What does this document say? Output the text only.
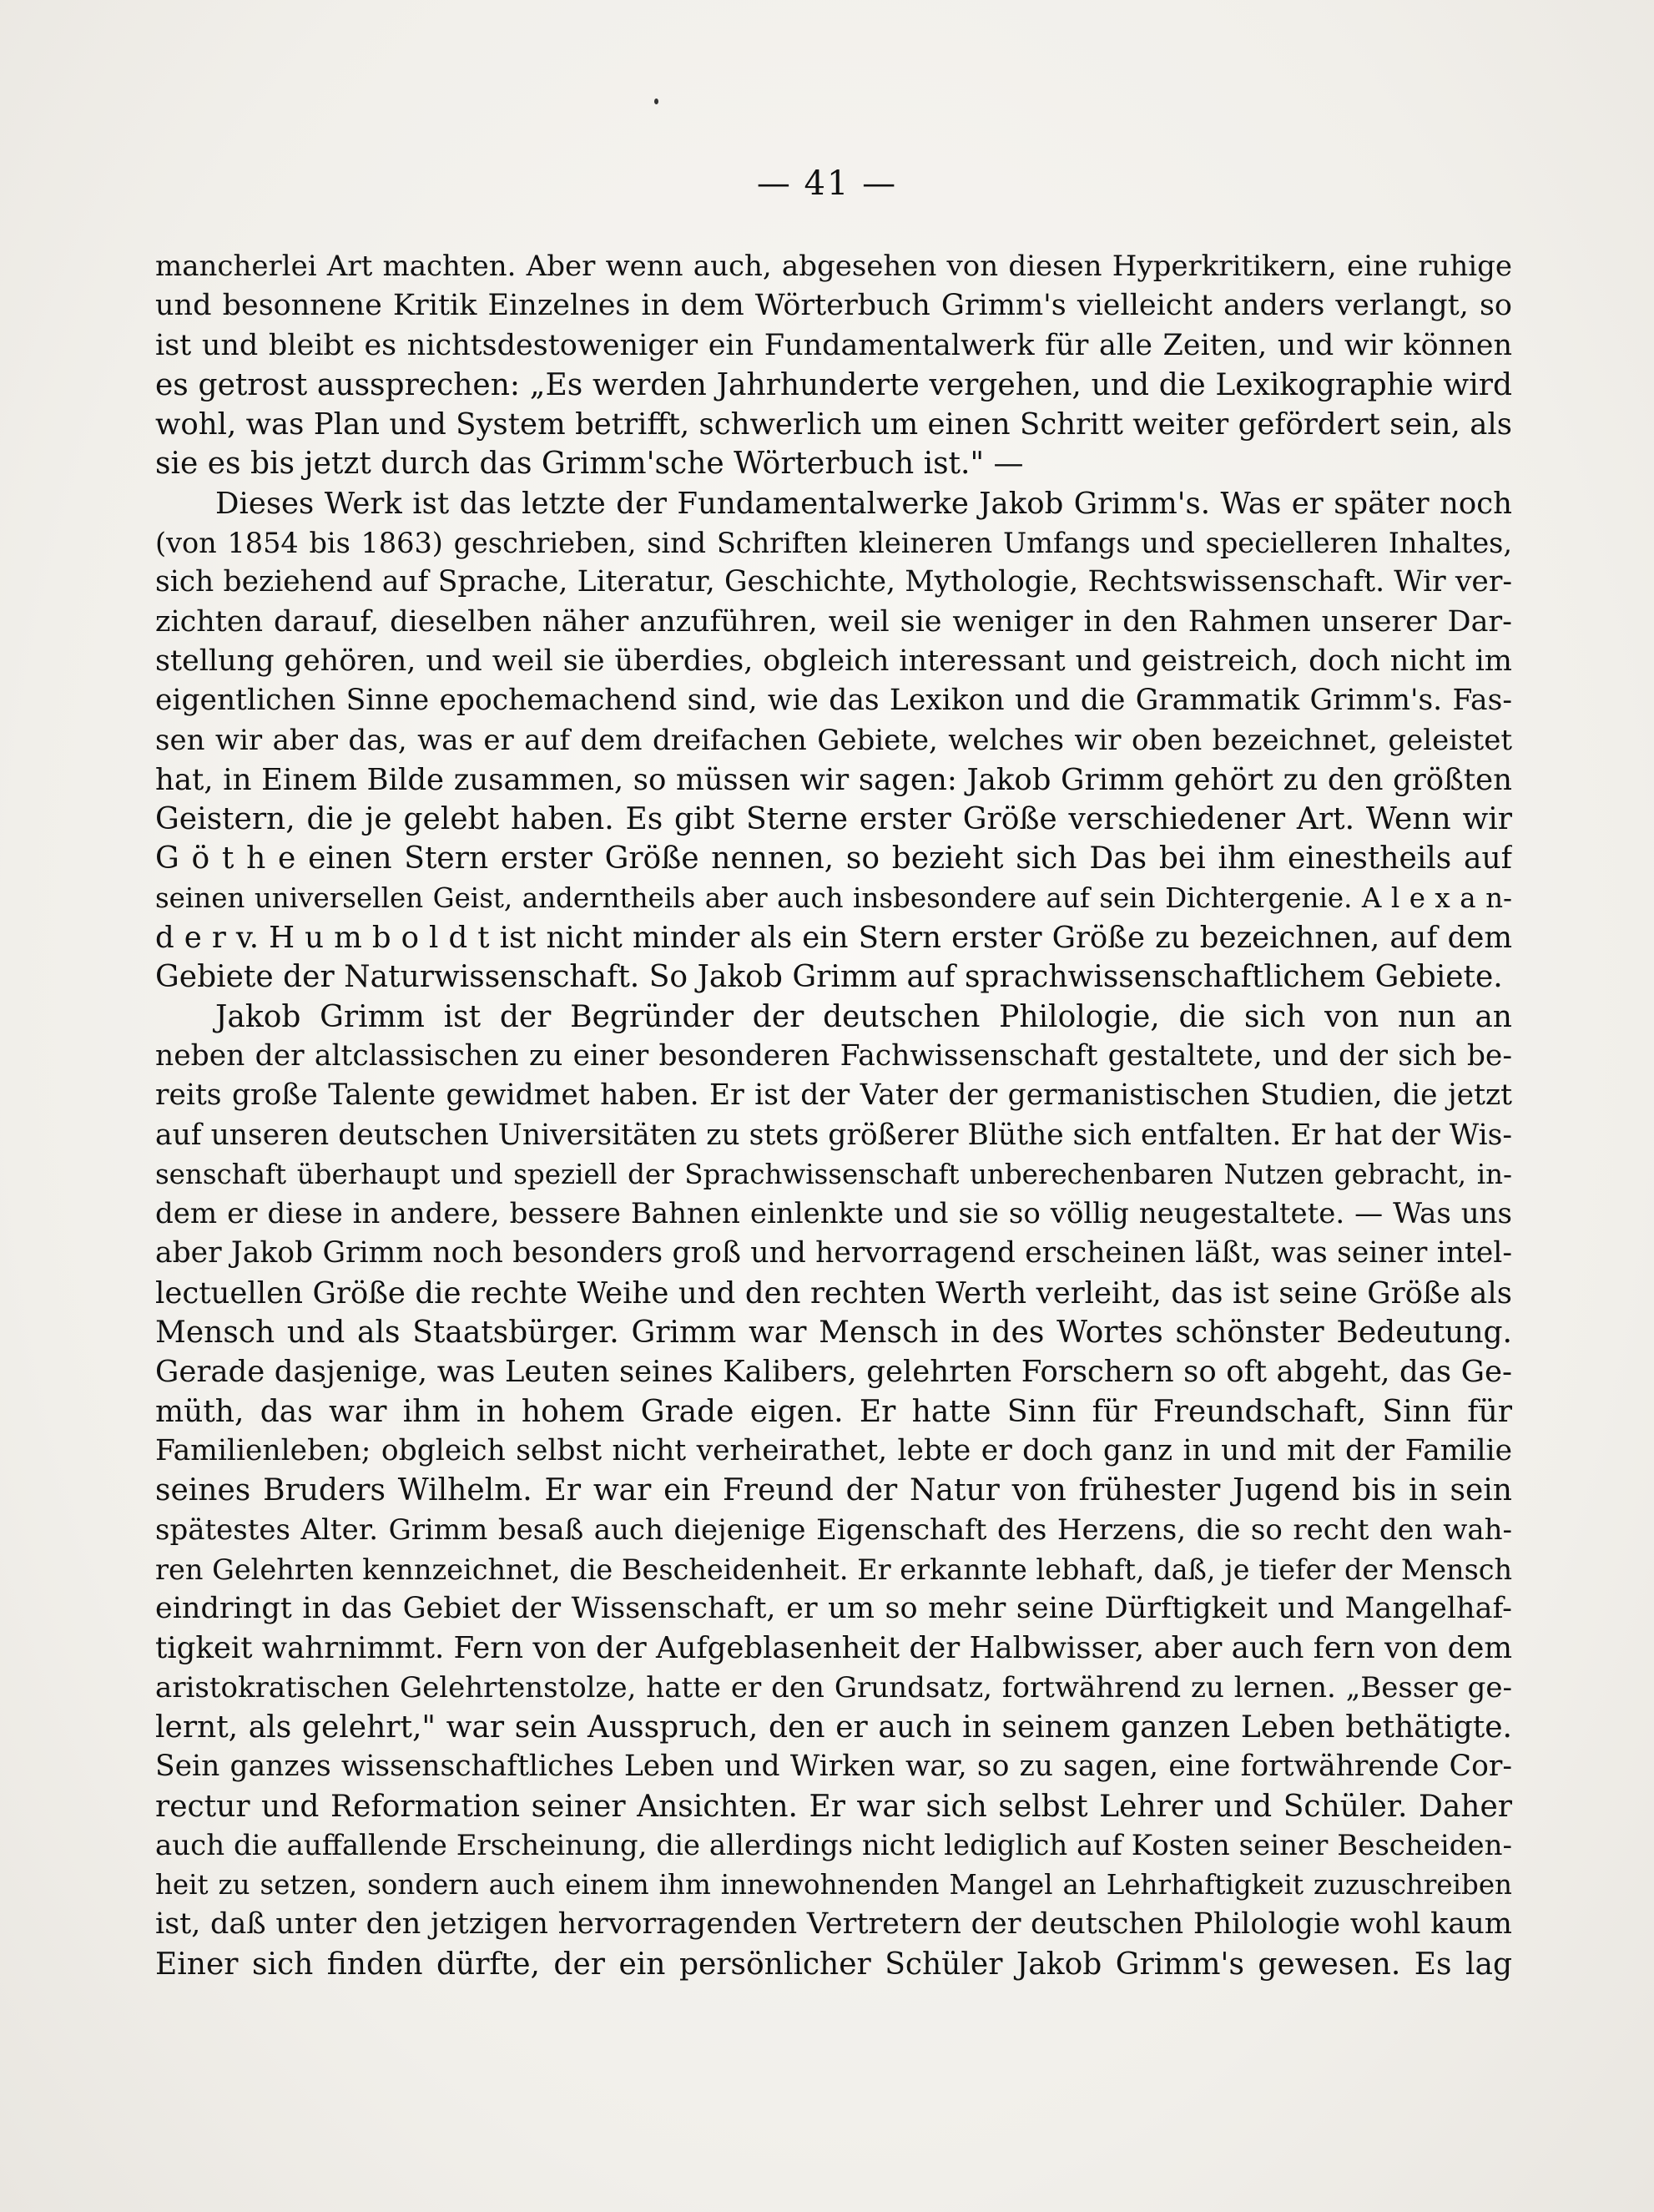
— 41 —
mancherlei Art machten. Aber wenn auch, abgesehen von diesen Hyperkritikern, eine ruhige
und besonnene Kritik Einzelnes in dem Wörterbuch Grimm's vielleicht anders verlangt, so
ist und bleibt es nichtsdestoweniger ein Fundamentalwerk für alle Zeiten, und wir können
es getrost aussprechen: „Es werden Jahrhunderte vergehen, und die Lexikographie wird
wohl, was Plan und System betrifft, schwerlich um einen Schritt weiter gefördert sein, als
sie es bis jetzt durch das Grimm'sche Wörterbuch ist." —
Dieses Werk ist das letzte der Fundamentalwerke Jakob Grimm's. Was er später noch
(von 1854 bis 1863) geschrieben, sind Schriften kleineren Umfangs und specielleren Inhaltes,
sich beziehend auf Sprache, Literatur, Geschichte, Mythologie, Rechtswissenschaft. Wir ver-
zichten darauf, dieselben näher anzuführen, weil sie weniger in den Rahmen unserer Dar-
stellung gehören, und weil sie überdies, obgleich interessant und geistreich, doch nicht im
eigentlichen Sinne epochemachend sind, wie das Lexikon und die Grammatik Grimm's. Fas-
sen wir aber das, was er auf dem dreifachen Gebiete, welches wir oben bezeichnet, geleistet
hat, in Einem Bilde zusammen, so müssen wir sagen: Jakob Grimm gehört zu den größten
Geistern, die je gelebt haben. Es gibt Sterne erster Größe verschiedener Art. Wenn wir
G ö t h e einen Stern erster Größe nennen, so bezieht sich Das bei ihm einestheils auf
seinen universellen Geist, anderntheils aber auch insbesondere auf sein Dichtergenie. A l e x a n-
d e r v. H u m b o l d t ist nicht minder als ein Stern erster Größe zu bezeichnen, auf dem
Gebiete der Naturwissenschaft. So Jakob Grimm auf sprachwissenschaftlichem Gebiete.
Jakob Grimm ist der Begründer der deutschen Philologie, die sich von nun an
neben der altclassischen zu einer besonderen Fachwissenschaft gestaltete, und der sich be-
reits große Talente gewidmet haben. Er ist der Vater der germanistischen Studien, die jetzt
auf unseren deutschen Universitäten zu stets größerer Blüthe sich entfalten. Er hat der Wis-
senschaft überhaupt und speziell der Sprachwissenschaft unberechenbaren Nutzen gebracht, in-
dem er diese in andere, bessere Bahnen einlenkte und sie so völlig neugestaltete. — Was uns
aber Jakob Grimm noch besonders groß und hervorragend erscheinen läßt, was seiner intel-
lectuellen Größe die rechte Weihe und den rechten Werth verleiht, das ist seine Größe als
Mensch und als Staatsbürger. Grimm war Mensch in des Wortes schönster Bedeutung.
Gerade dasjenige, was Leuten seines Kalibers, gelehrten Forschern so oft abgeht, das Ge-
müth, das war ihm in hohem Grade eigen. Er hatte Sinn für Freundschaft, Sinn für
Familienleben; obgleich selbst nicht verheirathet, lebte er doch ganz in und mit der Familie
seines Bruders Wilhelm. Er war ein Freund der Natur von frühester Jugend bis in sein
spätestes Alter. Grimm besaß auch diejenige Eigenschaft des Herzens, die so recht den wah-
ren Gelehrten kennzeichnet, die Bescheidenheit. Er erkannte lebhaft, daß, je tiefer der Mensch
eindringt in das Gebiet der Wissenschaft, er um so mehr seine Dürftigkeit und Mangelhaf-
tigkeit wahrnimmt. Fern von der Aufgeblasenheit der Halbwisser, aber auch fern von dem
aristokratischen Gelehrtenstolze, hatte er den Grundsatz, fortwährend zu lernen. „Besser ge-
lernt, als gelehrt," war sein Ausspruch, den er auch in seinem ganzen Leben bethätigte.
Sein ganzes wissenschaftliches Leben und Wirken war, so zu sagen, eine fortwährende Cor-
rectur und Reformation seiner Ansichten. Er war sich selbst Lehrer und Schüler. Daher
auch die auffallende Erscheinung, die allerdings nicht lediglich auf Kosten seiner Bescheiden-
heit zu setzen, sondern auch einem ihm innewohnenden Mangel an Lehrhaftigkeit zuzuschreiben
ist, daß unter den jetzigen hervorragenden Vertretern der deutschen Philologie wohl kaum
Einer sich finden dürfte, der ein persönlicher Schüler Jakob Grimm's gewesen. Es lag
